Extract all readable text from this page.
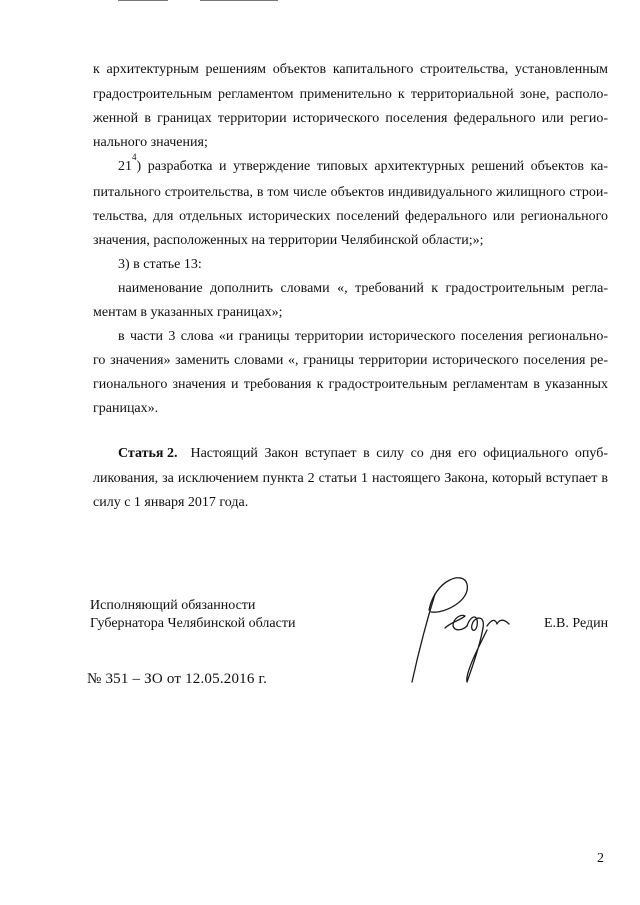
к архитектурным решениям объектов капитального строительства, установленным
градостроительным регламентом применительно к территориальной зоне, располо-
женной в границах территории исторического поселения федерального или регио-
нального значения;
21
$^4$
) разработка и утверждение типовых архитектурных решений объектов ка-
питального строительства, в том числе объектов индивидуального жилищного строи-
тельства, для отдельных исторических поселений федерального или регионального
значения, расположенных на территории Челябинской области;»;
3) в статье 13:
наименование дополнить словами «, требований к градостроительным регла-
ментам в указанных границах»;
в части 3 слова «и границы территории исторического поселения регионально-
го значения» заменить словами «, границы территории исторического поселения ре-
гионального значения и требования к градостроительным регламентам в указанных
границах».
Статья 2. Настоящий Закон вступает в силу со дня его официального опуб-
ликования, за исключением пункта 2 статьи 1 настоящего Закона, который вступает в
силу с 1 января 2017 года.
Исполняющий обязанности
Губернатора Челябинской области	Е.В. Редин
№ 351 – ЗО от 12.05.2016 г.
2
